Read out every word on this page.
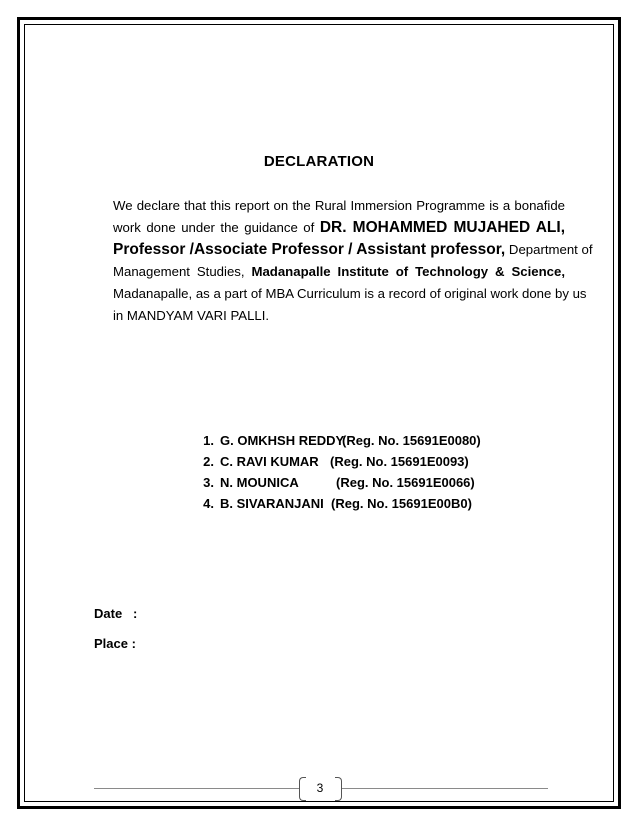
DECLARATION
We declare that this report on the Rural Immersion Programme is a bonafide
work done under the guidance of DR. MOHAMMED MUJAHED ALI,
Professor /Associate Professor / Assistant professor, Department of
Management Studies, Madanapalle Institute of Technology & Science,
Madanapalle, as a part of MBA Curriculum is a record of original work done by us
in MANDYAM VARI PALLI.
1. G. OMKHSH REDDY
(Reg. No. 15691E0080)
2. C. RAVI KUMAR (Reg. No. 15691E0093)
3. N. MOUNICA	(Reg. No. 15691E0066)
4. B. SIVARANJANI (Reg. No. 15691E00B0)
Date   :
Place :
3
